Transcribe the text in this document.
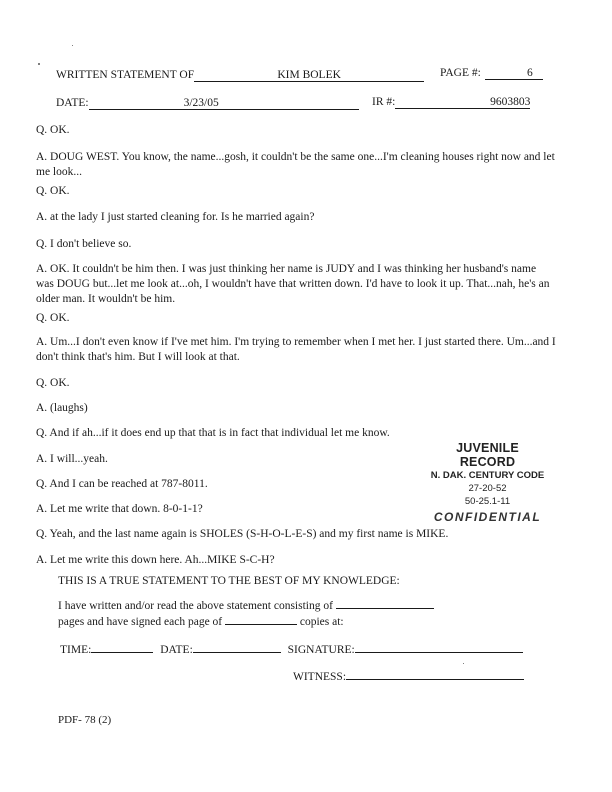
WRITTEN STATEMENT OF	KIM BOLEK	PAGE #:	6
DATE:	3/23/05	IR #:	9603803
Q. OK.
A. DOUG WEST. You know, the name...gosh, it couldn't be the same one...I'm cleaning houses right now and let me look...
Q. OK.
A. at the lady I just started cleaning for. Is he married again?
Q. I don't believe so.
A. OK. It couldn't be him then. I was just thinking her name is JUDY and I was thinking her husband's name was DOUG but...let me look at...oh, I wouldn't have that written down. I'd have to look it up. That...nah, he's an older man. It wouldn't be him.
Q. OK.
A. Um...I don't even know if I've met him. I'm trying to remember when I met her. I just started there. Um...and I don't think that's him. But I will look at that.
Q. OK.
A. (laughs)
Q. And if ah...if it does end up that that is in fact that individual let me know.
A. I will...yeah.
Q. And I can be reached at 787-8011.
A. Let me write that down. 8-0-1-1?
Q. Yeah, and the last name again is SHOLES (S-H-O-L-E-S) and my first name is MIKE.
A. Let me write this down here. Ah...MIKE S-C-H?
JUVENILE RECORD
N. DAK. CENTURY CODE
27-20-52
50-25.1-11
CONFIDENTIAL
THIS IS A TRUE STATEMENT TO THE BEST OF MY KNOWLEDGE:
I have written and/or read the above statement consisting of
pages and have signed each page of	copies at:
TIME:	DATE:	SIGNATURE:
WITNESS:
PDF- 78 (2)
